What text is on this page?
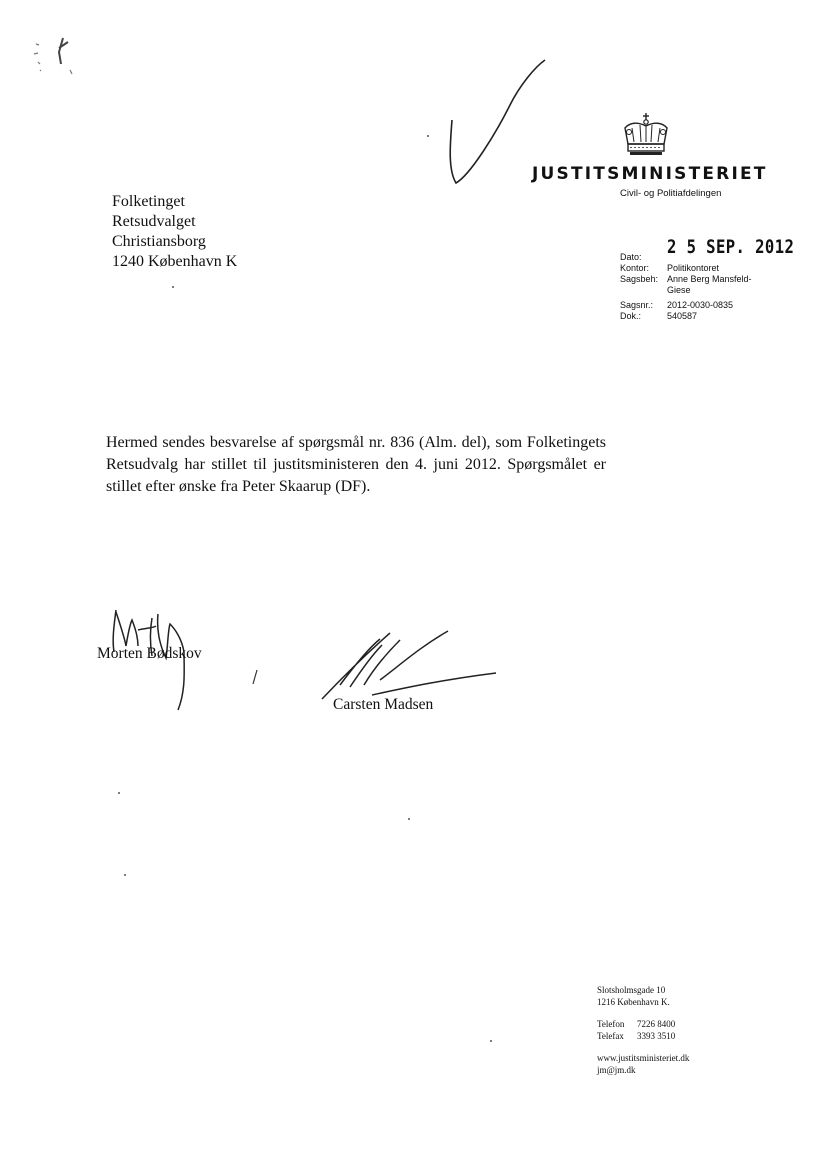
Folketinget
Retsudvalget
Christiansborg
1240 København K
JUSTITSMINISTERIET
Civil- og Politiafdelingen
Dato:	2 5 SEP. 2012
Kontor:	Politikontoret
Sagsbeh: Anne Berg Mansfeld-Giese
Sagsnr.:	2012-0030-0835
Dok.:	540587
Hermed sendes besvarelse af spørgsmål nr. 836 (Alm. del), som Folketingets Retsudvalg har stillet til justitsministeren den 4. juni 2012. Spørgsmålet er stillet efter ønske fra Peter Skaarup (DF).
Morten Bødskov
Carsten Madsen
Slotsholmsgade 10
1216 København K.
Telefon	7226 8400
Telefax	3393 3510
www.justitsministeriet.dk
jm@jm.dk
